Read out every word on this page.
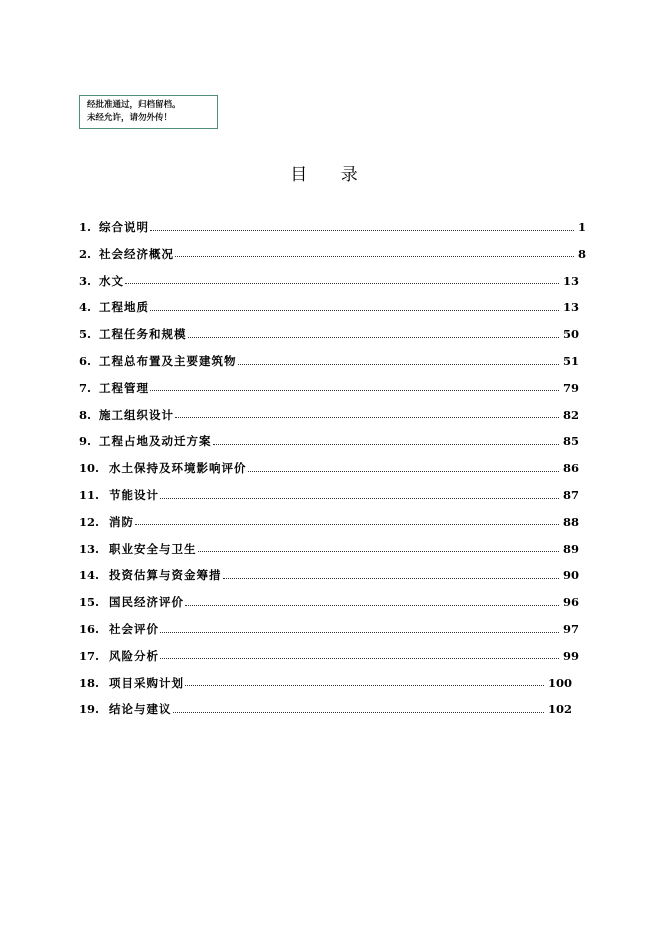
经批准通过，归档留档。
未经允许，请勿外传！
目 录
1. 综合说明	1
2. 社会经济概况	8
3. 水文	13
4. 工程地质	13
5. 工程任务和规模	50
6. 工程总布置及主要建筑物	51
7. 工程管理	79
8. 施工组织设计	82
9. 工程占地及动迁方案	85
10. 水土保持及环境影响评价	86
11. 节能设计	87
12. 消防	88
13. 职业安全与卫生	89
14. 投资估算与资金筹措	90
15. 国民经济评价	96
16. 社会评价	97
17. 风险分析	99
18. 项目采购计划	100
19. 结论与建议	102
